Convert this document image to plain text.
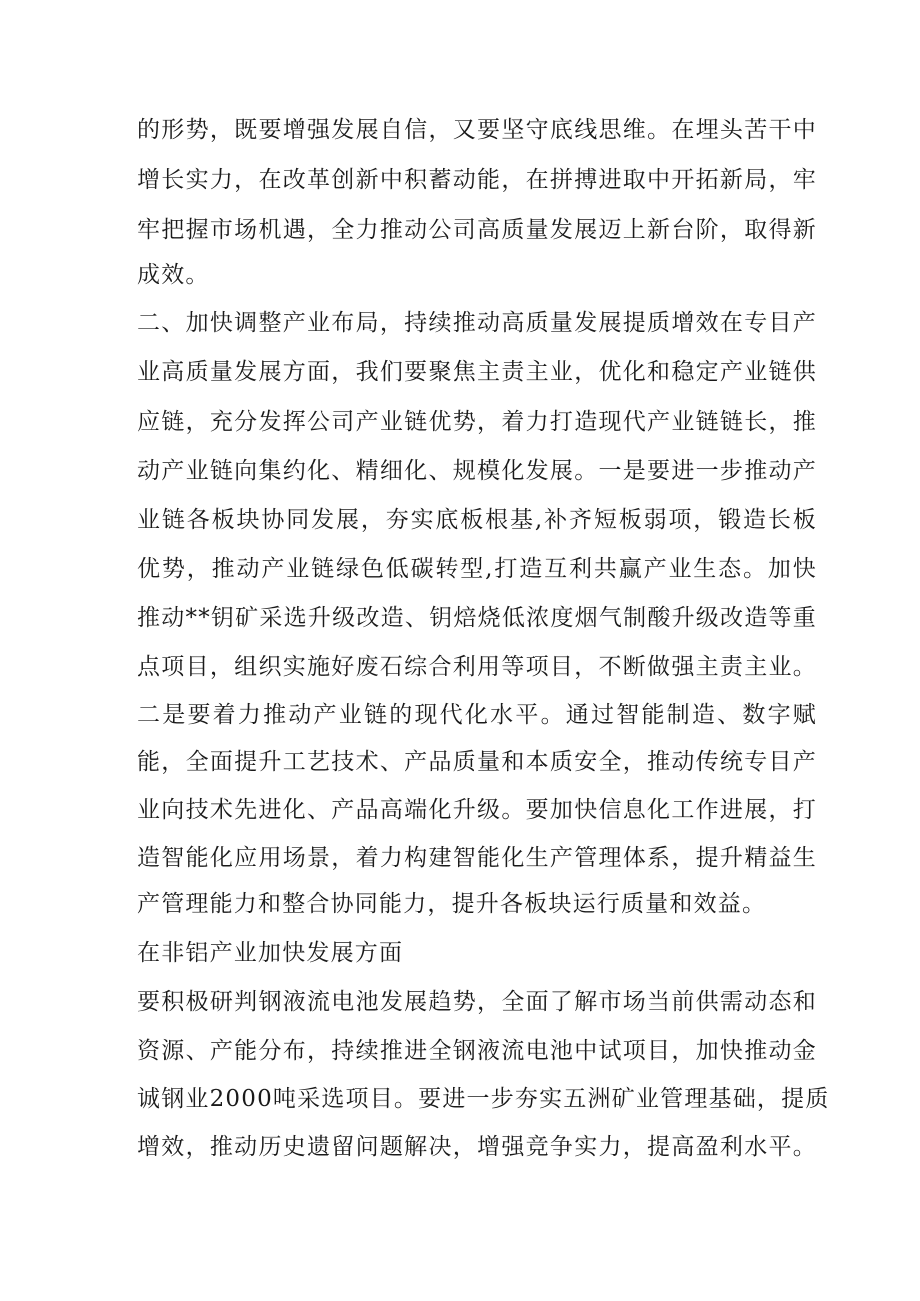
的形势，既要增强发展自信，又要坚守底线思维。在埋头苦干中
增长实力，在改革创新中积蓄动能，在拼搏进取中开拓新局，牢
牢把握市场机遇，全力推动公司高质量发展迈上新台阶，取得新
成效。
二、加快调整产业布局，持续推动高质量发展提质增效在专目产
业高质量发展方面，我们要聚焦主责主业，优化和稳定产业链供
应链，充分发挥公司产业链优势，着力打造现代产业链链长，推
动产业链向集约化、精细化、规模化发展。一是要进一步推动产
业链各板块协同发展，夯实底板根基,补齐短板弱项，锻造长板
优势，推动产业链绿色低碳转型,打造互利共赢产业生态。加快
推动**钥矿采选升级改造、钥焙烧低浓度烟气制酸升级改造等重
点项目，组织实施好废石综合利用等项目，不断做强主责主业。
二是要着力推动产业链的现代化水平。通过智能制造、数字赋
能，全面提升工艺技术、产品质量和本质安全，推动传统专目产
业向技术先进化、产品高端化升级。要加快信息化工作进展，打
造智能化应用场景，着力构建智能化生产管理体系，提升精益生
产管理能力和整合协同能力，提升各板块运行质量和效益。
在非铝产业加快发展方面
要积极研判钢液流电池发展趋势，全面了解市场当前供需动态和
资源、产能分布，持续推进全钢液流电池中试项目，加快推动金
诚钢业2000吨采选项目。要进一步夯实五洲矿业管理基础，提质
增效，推动历史遗留问题解决，增强竞争实力，提高盈利水平。
